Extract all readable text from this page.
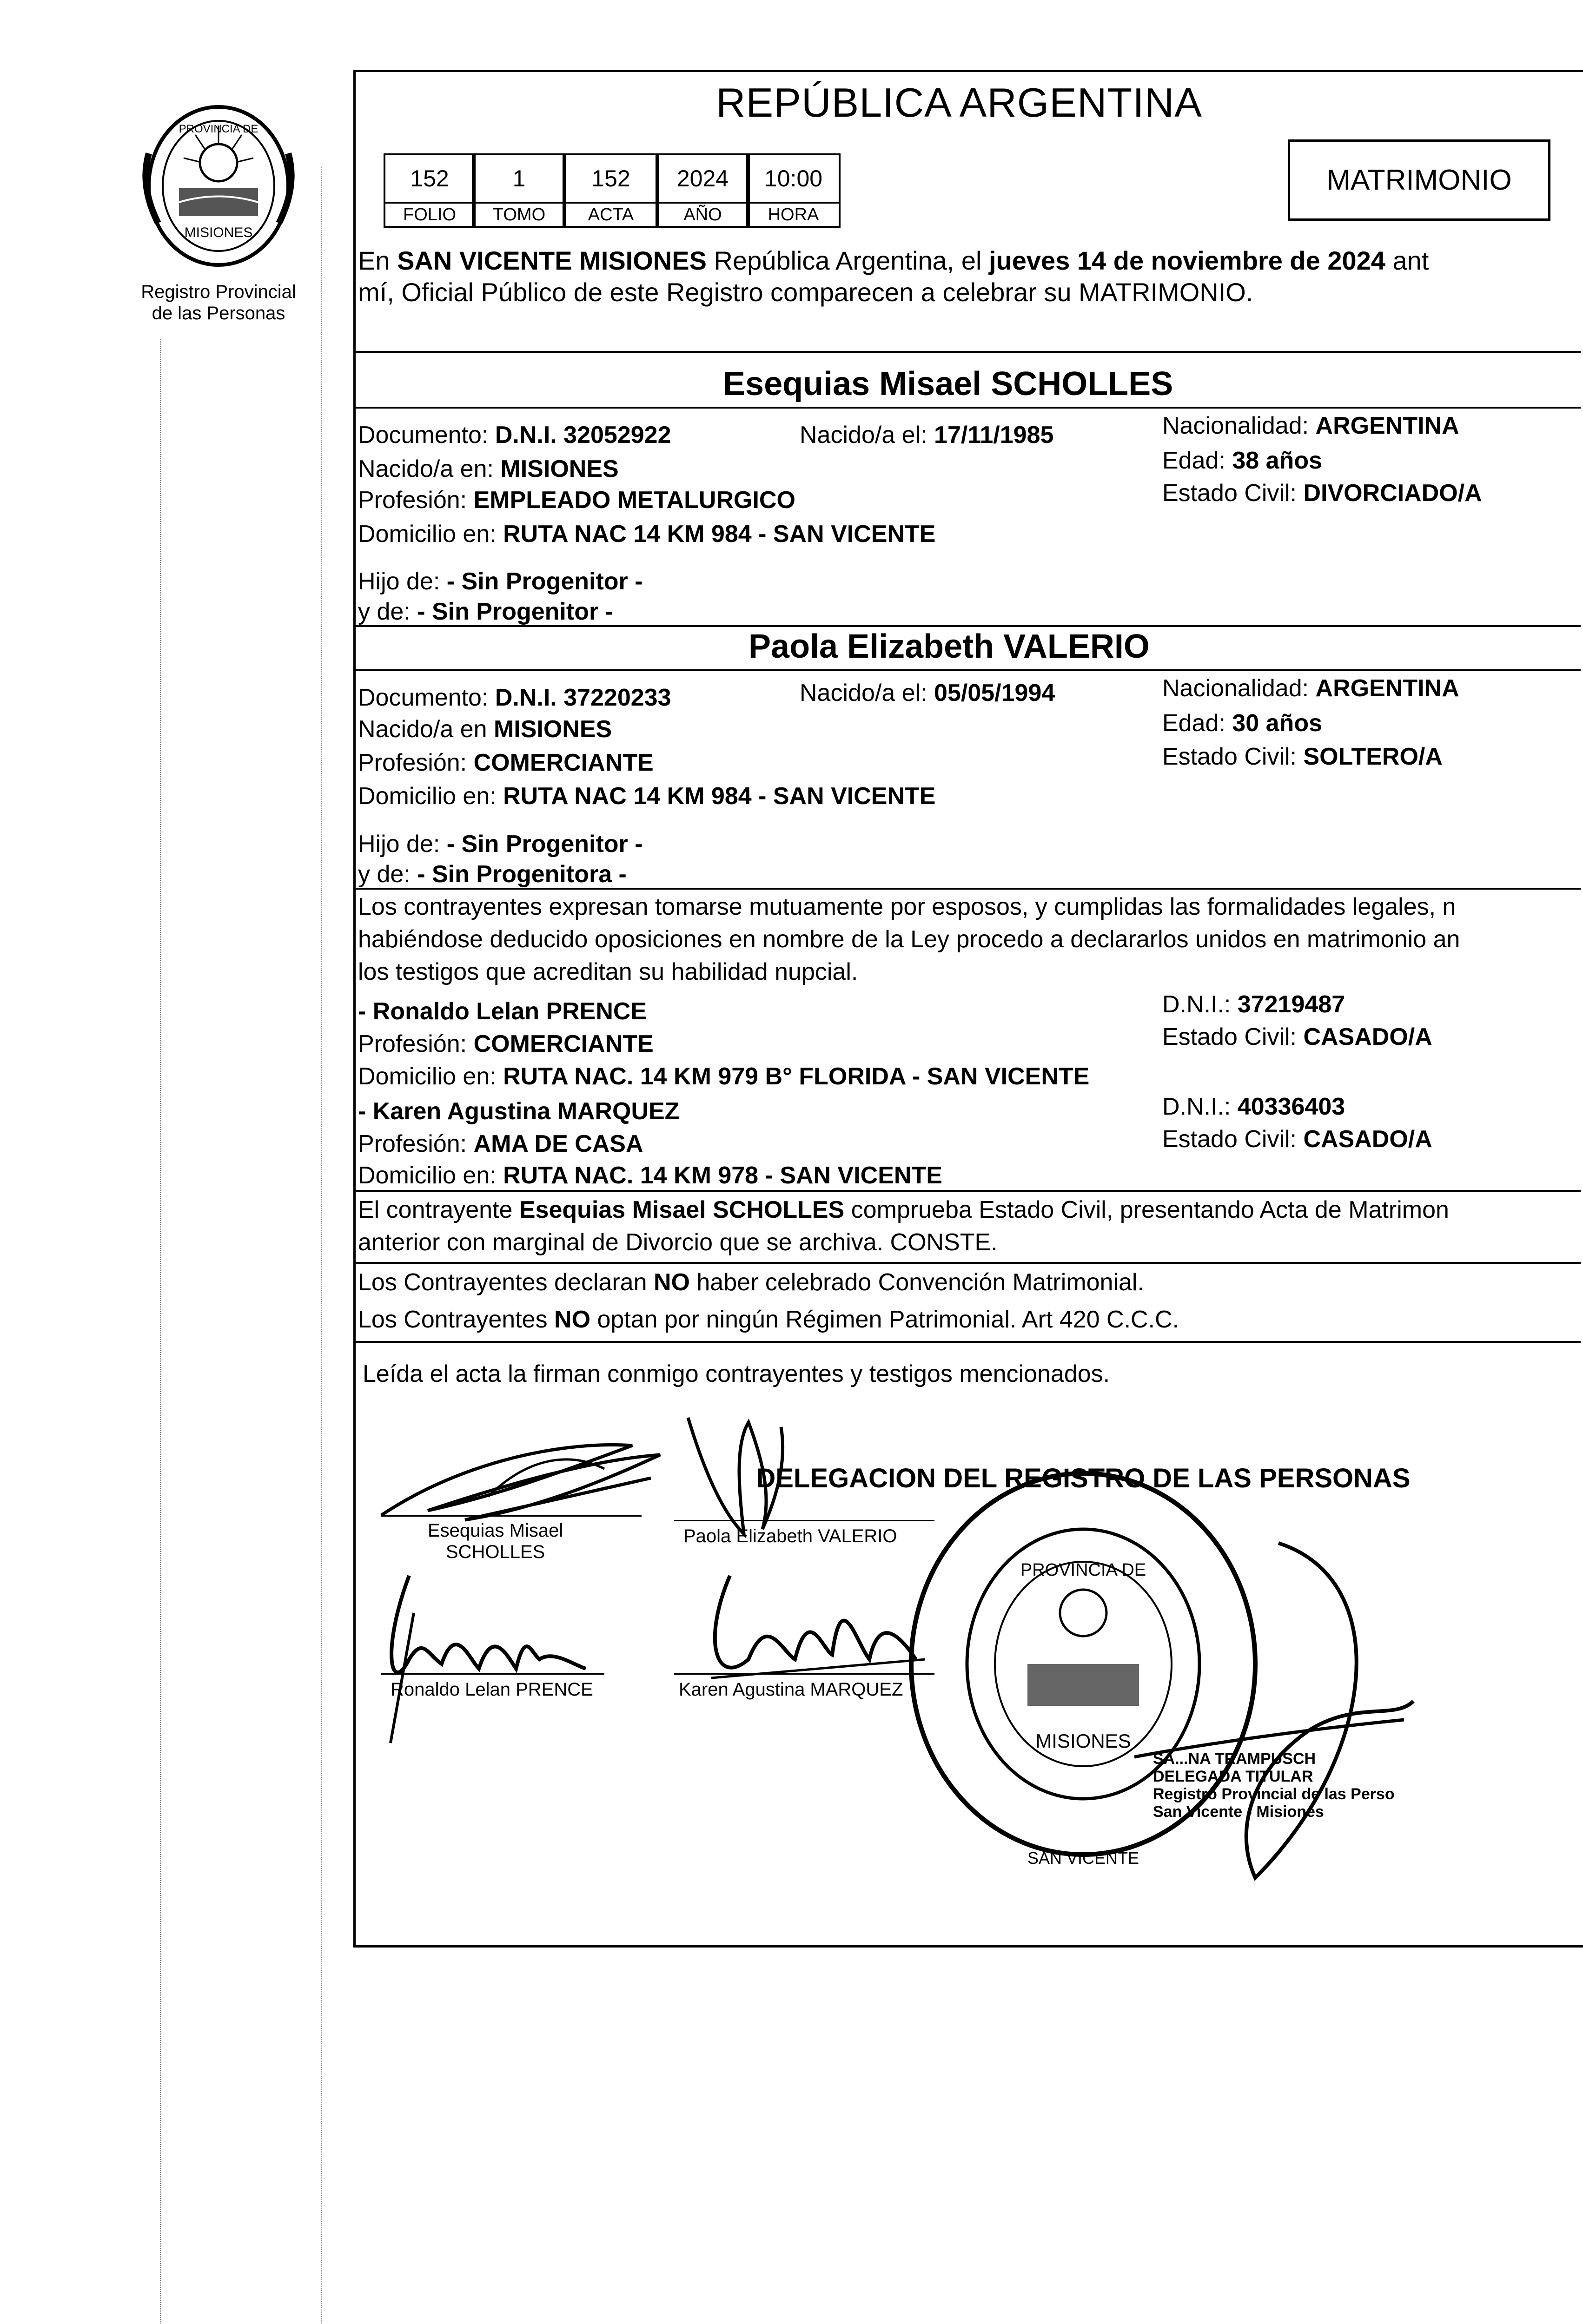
MISIONES
PROVINCIA DE
Registro Provincial
de las Personas
REPÚBLICA ARGENTINA
152	1	152	2024	10:00
FOLIO	TOMO	ACTA	AÑO	HORA
MATRIMONIO
En SAN VICENTE MISIONES República Argentina, el jueves 14 de noviembre de 2024 ant
mí, Oficial Público de este Registro comparecen a celebrar su MATRIMONIO.
Esequias Misael SCHOLLES
Documento: D.N.I. 32052922	Nacido/a el: 17/11/1985	Nacionalidad: ARGENTINA
Nacido/a en: MISIONES	Edad: 38 años
Profesión: EMPLEADO METALURGICO	Estado Civil: DIVORCIADO/A
Domicilio en: RUTA NAC 14 KM 984 - SAN VICENTE
Hijo de: - Sin Progenitor -
y de: - Sin Progenitor -
Paola Elizabeth VALERIO
Documento: D.N.I. 37220233	Nacido/a el: 05/05/1994	Nacionalidad: ARGENTINA
Nacido/a en MISIONES	Edad: 30 años
Profesión: COMERCIANTE	Estado Civil: SOLTERO/A
Domicilio en: RUTA NAC 14 KM 984 - SAN VICENTE
Hijo de: - Sin Progenitor -
y de: - Sin Progenitora -
Los contrayentes expresan tomarse mutuamente por esposos, y cumplidas las formalidades legales, n
habiéndose deducido oposiciones en nombre de la Ley procedo a declararlos unidos en matrimonio an
los testigos que acreditan su habilidad nupcial.
- Ronaldo Lelan PRENCE	D.N.I.: 37219487
Profesión: COMERCIANTE	Estado Civil: CASADO/A
Domicilio en: RUTA NAC. 14 KM 979 B° FLORIDA - SAN VICENTE
- Karen Agustina MARQUEZ	D.N.I.: 40336403
Profesión: AMA DE CASA	Estado Civil: CASADO/A
Domicilio en: RUTA NAC. 14 KM 978 - SAN VICENTE
El contrayente Esequias Misael SCHOLLES comprueba Estado Civil, presentando Acta de Matrimon
anterior con marginal de Divorcio que se archiva. CONSTE.
Los Contrayentes declaran NO haber celebrado Convención Matrimonial.
Los Contrayentes NO optan por ningún Régimen Patrimonial. Art 420 C.C.C.
Leída el acta la firman conmigo contrayentes y testigos mencionados.
Esequias Misael
SCHOLLES
Paola Elizabeth VALERIO
Ronaldo Lelan PRENCE	Karen Agustina MARQUEZ
MISIONES
PROVINCIA DE
DELEGACION DEL REGISTRO DE LAS PERSONAS
SAN VICENTE
SA...NA TRAMPUSCH
DELEGADA TITULAR
Registro Provincial de las Perso
San Vicente - Misiones
